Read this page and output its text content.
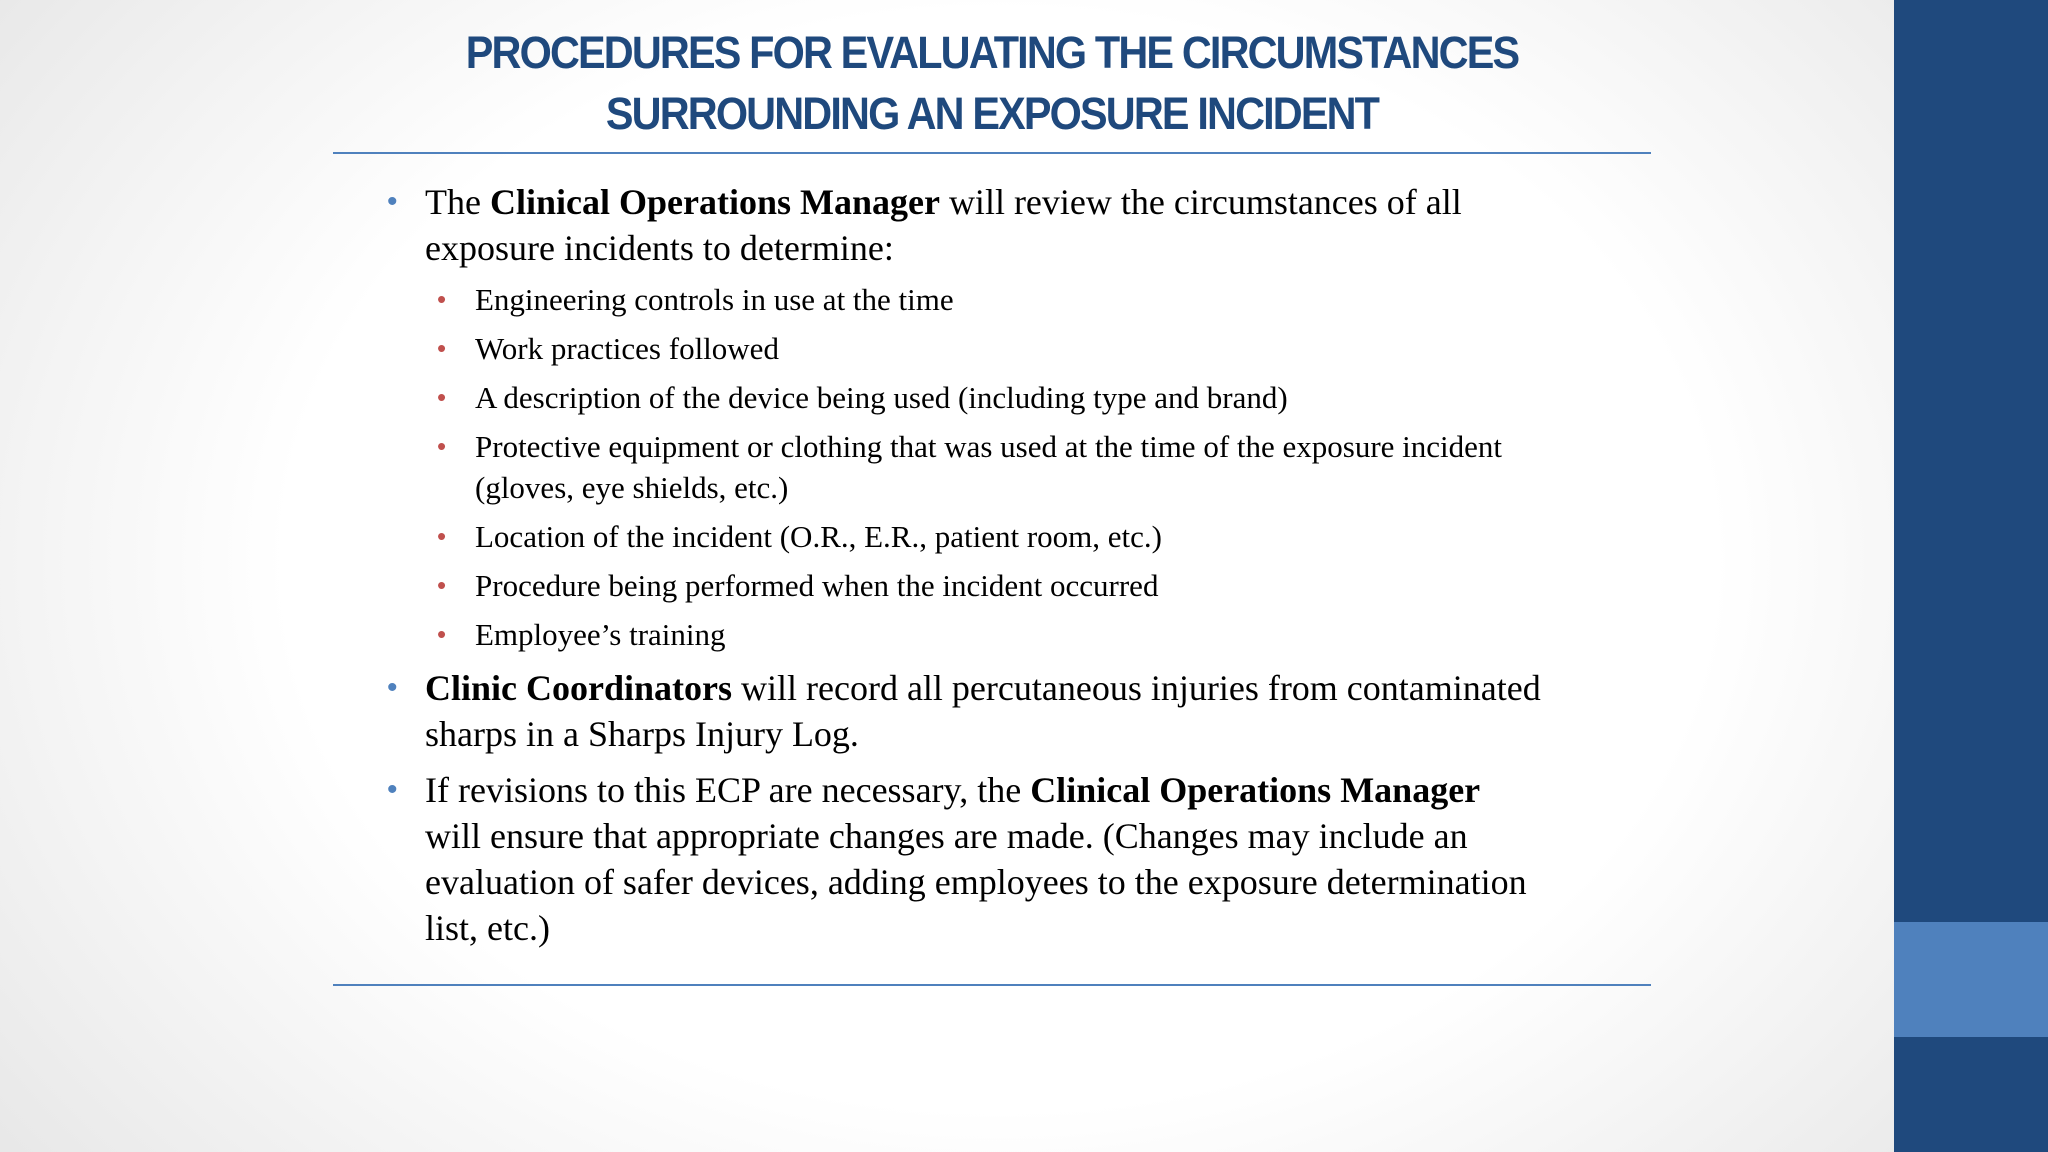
PROCEDURES FOR EVALUATING THE CIRCUMSTANCES
SURROUNDING AN EXPOSURE INCIDENT
• The Clinical Operations Manager will review the circumstances of all
exposure incidents to determine:
• Engineering controls in use at the time
• Work practices followed
• A description of the device being used (including type and brand)
• Protective equipment or clothing that was used at the time of the exposure incident
(gloves, eye shields, etc.)
• Location of the incident (O.R., E.R., patient room, etc.)
• Procedure being performed when the incident occurred
• Employee’s training
• Clinic Coordinators will record all percutaneous injuries from contaminated
sharps in a Sharps Injury Log.
• If revisions to this ECP are necessary, the Clinical Operations Manager
will ensure that appropriate changes are made. (Changes may include an
evaluation of safer devices, adding employees to the exposure determination
list, etc.)
